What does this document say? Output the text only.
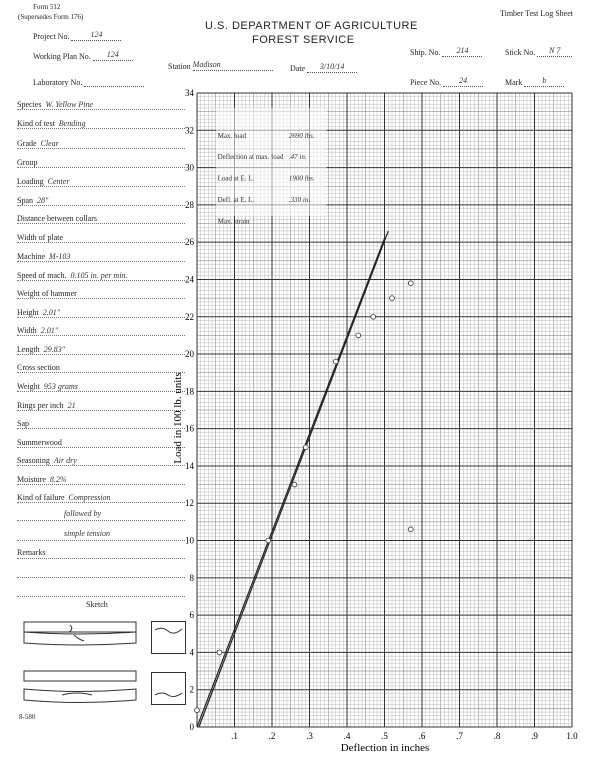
Form 512
(Supersedes Form 176)
U.S. DEPARTMENT OF AGRICULTURE
FOREST SERVICE
Timber Test Log Sheet
Project No.	124
Working Plan No. 124
Station Madison	Date 3/10/14
Ship. No. 214	Stick No. N 7
Laboratory No.	Piece No. 24	Mark	b
Species W. Yellow Pine
Kind of test Bending
Grade Clear
Group
Loading Center
Span 28"
Distance between collars
Width of plate
Machine M-103
Speed of mach. 0.105 in. per min.
Weight of hammer
Height 2.01"
Width 2.01"
Length 29.83"
Cross section
Weight 953 grams
Rings per inch 21
Sap
Summerwood
Seasoning Air dry
Moisture 8.2%
Kind of failure Compression
followed by
simple tension
Remarks
Sketch
8-580
Max. load	2690 lbs.
Deflection at max. load .47 in.
Load at E. L.	1900 lbs.
Defl. at E. L.	.330 in.
Max. strain
2
4
6
8
10
12
14
16
18
20
22
24
26
28
30
32
34
0
.1	.2	.3	.4	.5	.6	.7	.8	.9	1.0
Load in 100 lb. units
Deflection in inches
